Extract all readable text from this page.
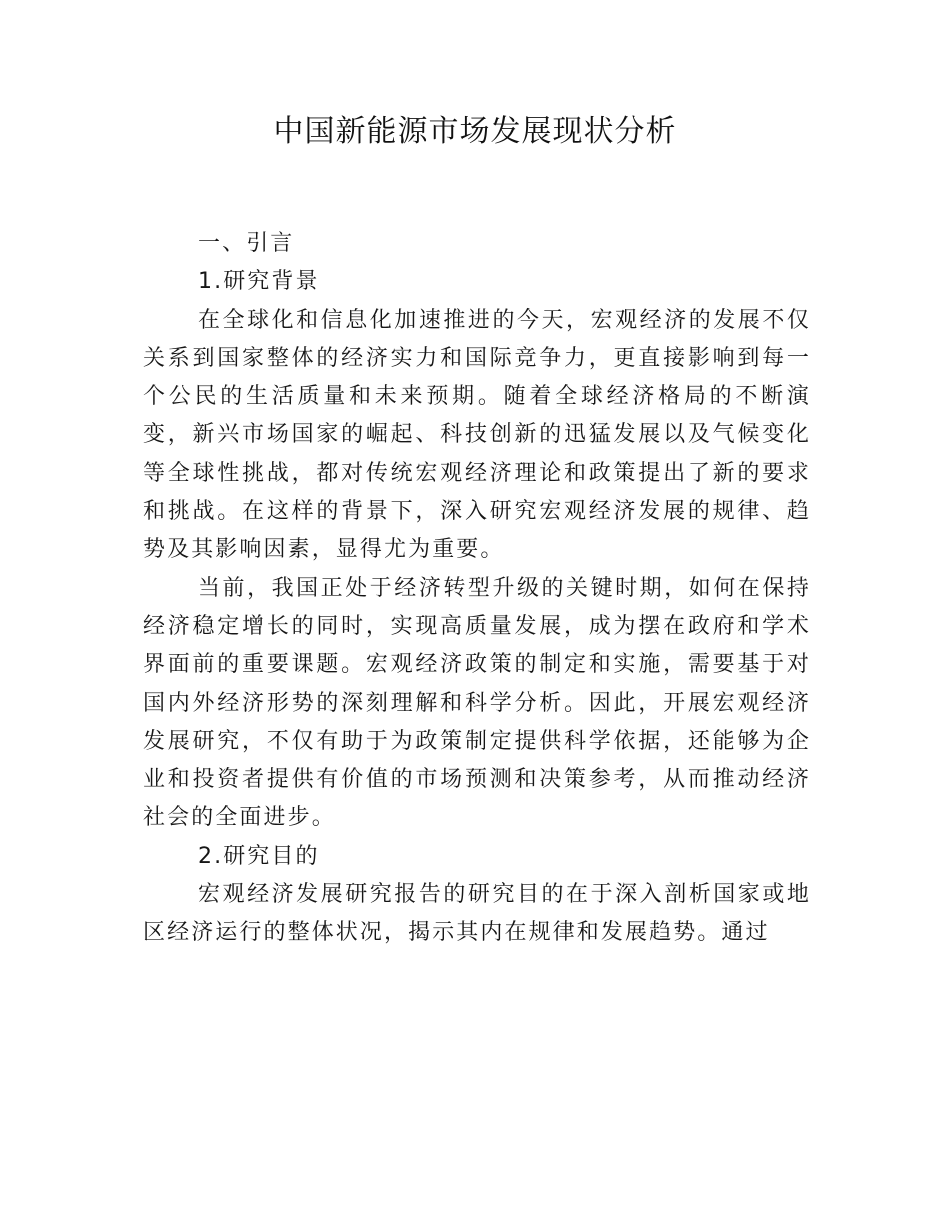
中国新能源市场发展现状分析

一、引言

1.研究背景

在全球化和信息化加速推进的今天，宏观经济的发展不仅关系到国家整体的经济实力和国际竞争力，更直接影响到每一个公民的生活质量和未来预期。随着全球经济格局的不断演变，新兴市场国家的崛起、科技创新的迅猛发展以及气候变化等全球性挑战，都对传统宏观经济理论和政策提出了新的要求和挑战。在这样的背景下，深入研究宏观经济发展的规律、趋势及其影响因素，显得尤为重要。

当前，我国正处于经济转型升级的关键时期，如何在保持经济稳定增长的同时，实现高质量发展，成为摆在政府和学术界面前的重要课题。宏观经济政策的制定和实施，需要基于对国内外经济形势的深刻理解和科学分析。因此，开展宏观经济发展研究，不仅有助于为政策制定提供科学依据，还能够为企业和投资者提供有价值的市场预测和决策参考，从而推动经济社会的全面进步。

2.研究目的

宏观经济发展研究报告的研究目的在于深入剖析国家或地区经济运行的整体状况，揭示其内在规律和发展趋势。通过
